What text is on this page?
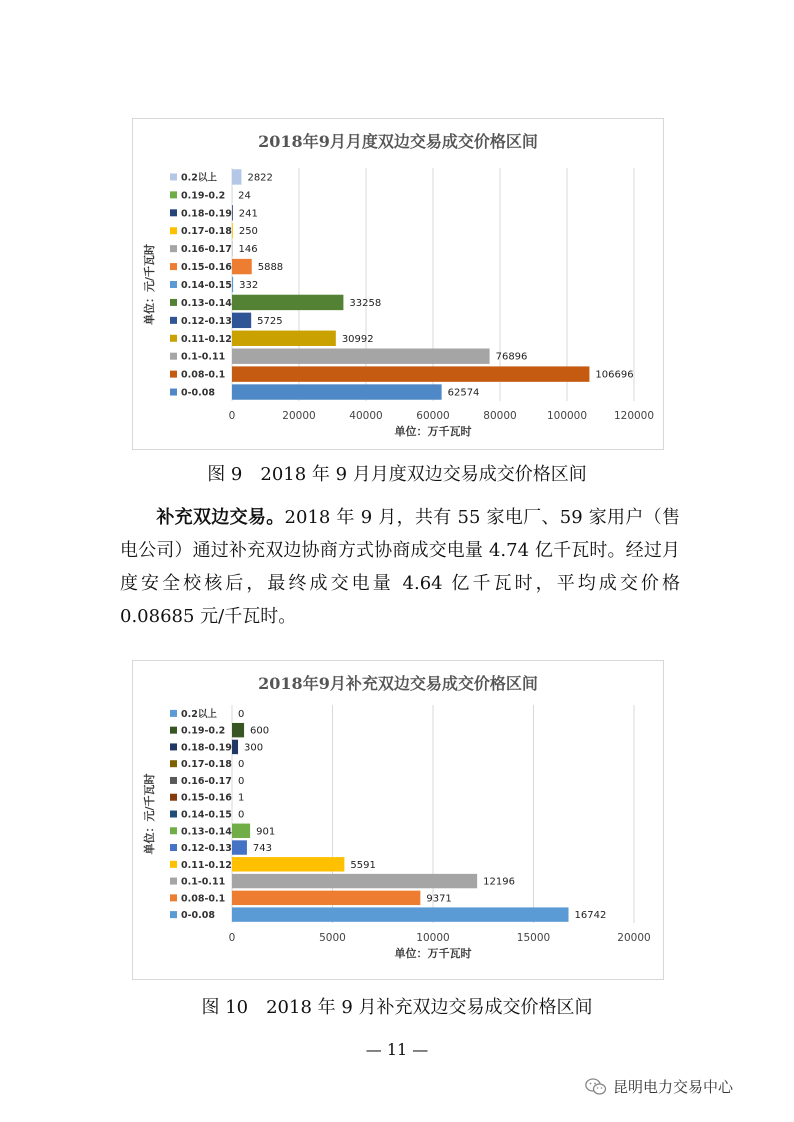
2018年9月月度双边交易成交价格区间
0	20000	40000	60000	80000	100000	120000
0.2以上	2822
0.19-0.2 24
0.18-0.19 241
0.17-0.18 250
0.16-0.17 146
0.15-0.16	5888
0.14-0.15 332
0.13-0.14	33258
0.12-0.13	5725
0.11-0.12	30992
0.1-0.11	76896
0.08-0.1	106696
0-0.08	62574
单位：元/千瓦时
单位：万千瓦时
图 9　2018 年 9 月月度双边交易成交价格区间
补充双边交易。2018 年 9 月，共有 55 家电厂、59 家用户（售电公司）通过补充双边协商方式协商成交电量 4.74 亿千瓦时。经过月度安全校核后，最终成交电量 4.64 亿千瓦时，平均成交价格 0.08685 元/千瓦时。
2018年9月补充双边交易成交价格区间
0	5000	10000	15000	20000
0.2以上 0
0.19-0.2 600
0.18-0.19 300
0.17-0.18 0
0.16-0.17 0
0.15-0.16 1
0.14-0.15 0
0.13-0.14 901
0.12-0.13 743
0.11-0.12	5591
0.1-0.11	12196
0.08-0.1	9371
0-0.08	16742
单位：元/千瓦时
单位：万千瓦时
图 10　2018 年 9 月补充双边交易成交价格区间
— 11 —
昆明电力交易中心
